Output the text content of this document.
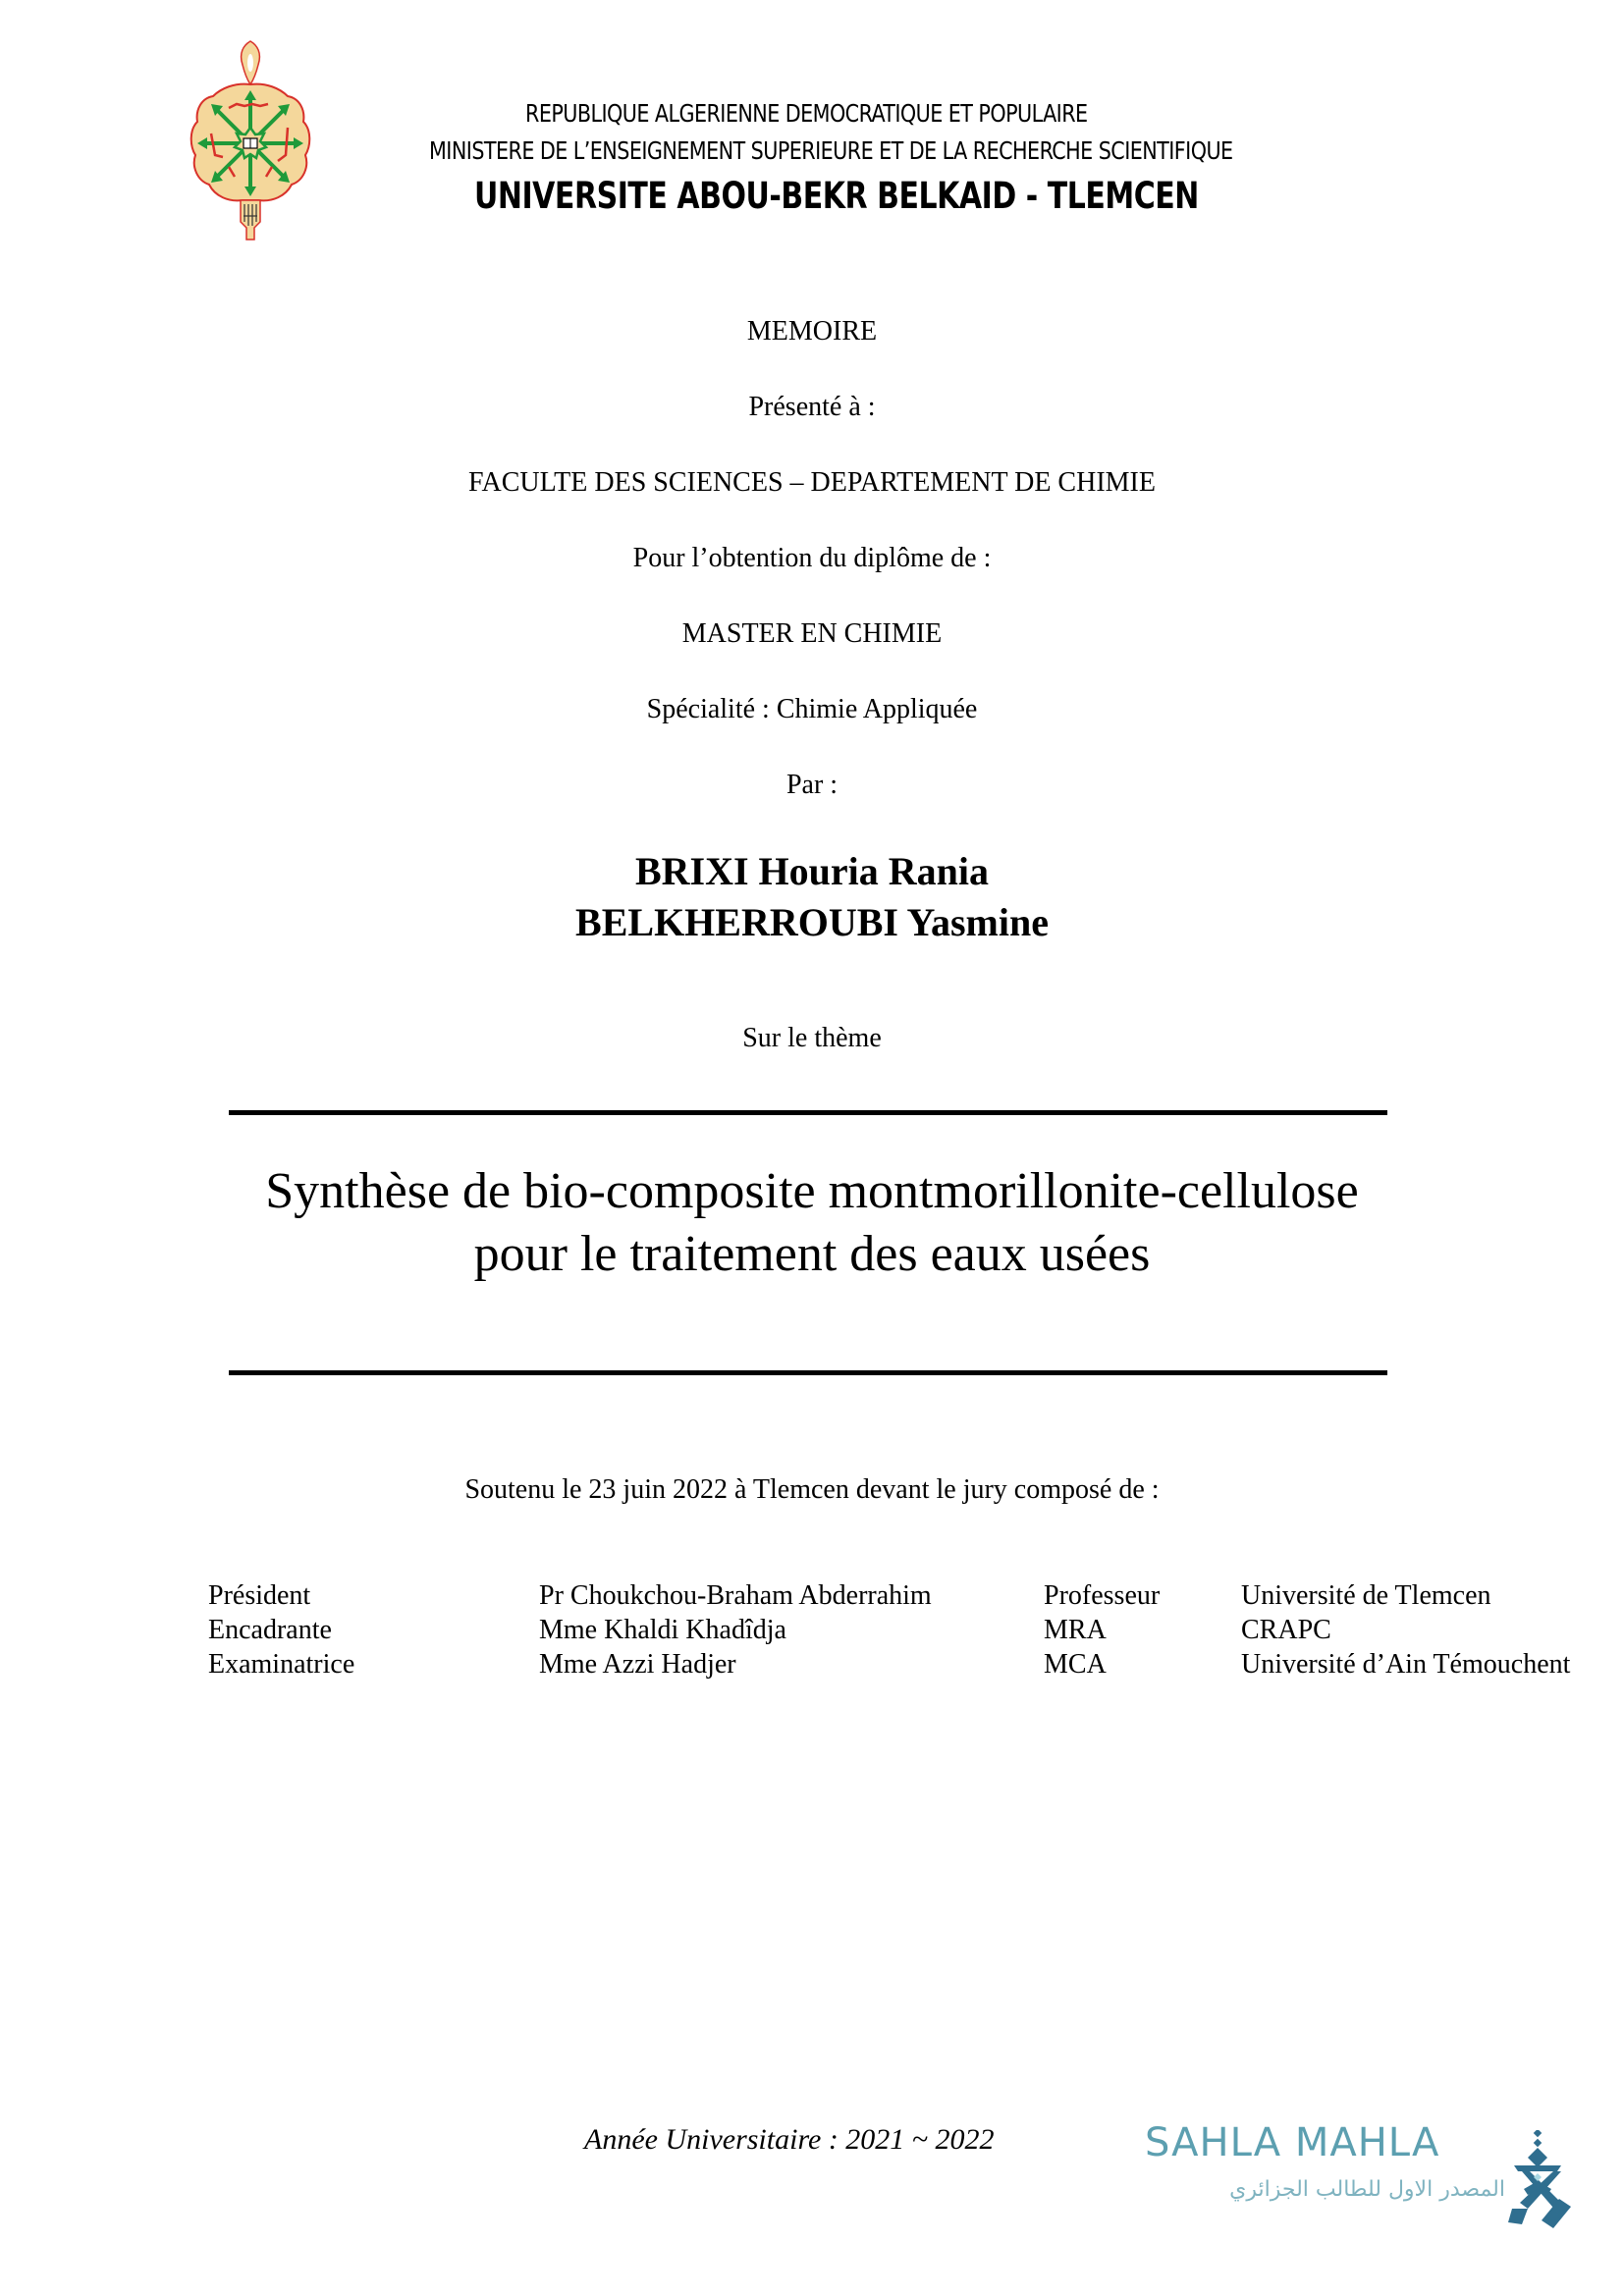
REPUBLIQUE ALGERIENNE DEMOCRATIQUE ET POPULAIRE
MINISTERE DE L’ENSEIGNEMENT SUPERIEURE ET DE LA RECHERCHE SCIENTIFIQUE
UNIVERSITE ABOU-BEKR BELKAID - TLEMCEN
MEMOIRE
Présenté à :
FACULTE DES SCIENCES – DEPARTEMENT DE CHIMIE
Pour l’obtention du diplôme de :
MASTER EN CHIMIE
Spécialité : Chimie Appliquée
Par :
BRIXI Houria Rania
BELKHERROUBI Yasmine
Sur le thème
Synthèse de bio-composite montmorillonite-cellulose
pour le traitement des eaux usées
Soutenu le 23 juin 2022 à Tlemcen devant le jury composé de :
Président	Pr Choukchou-Braham Abderrahim	Professeur	Université de Tlemcen
Encadrante	Mme Khaldi Khadîdja	MRA	CRAPC
Examinatrice	Mme Azzi Hadjer	MCA	Université d’Ain Témouchent
Année Universitaire : 2021 ~ 2022	SAHLA MAHLA
المصدر الاول للطالب الجزائري
